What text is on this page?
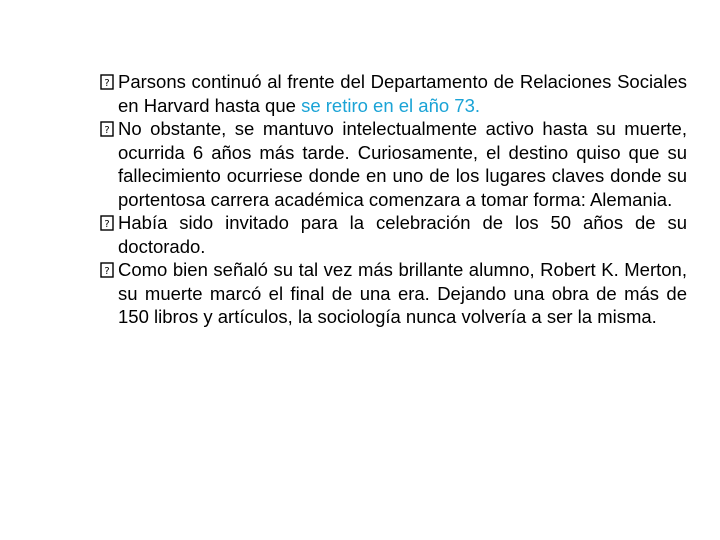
? Parsons continuó al frente del Departamento de Relaciones Sociales en Harvard hasta que se retiro en el año 73.

? No obstante, se mantuvo intelectualmente activo hasta su muerte, ocurrida 6 años más tarde. Curiosamente, el destino quiso que su fallecimiento ocurriese donde en uno de los lugares claves donde su portentosa carrera académica comenzara a tomar forma: Alemania.

? Había sido invitado para la celebración de los 50 años de su doctorado.

? Como bien señaló su tal vez más brillante alumno, Robert K. Merton, su muerte marcó el final de una era. Dejando una obra de más de 150 libros y artículos, la sociología nunca volvería a ser la misma.
